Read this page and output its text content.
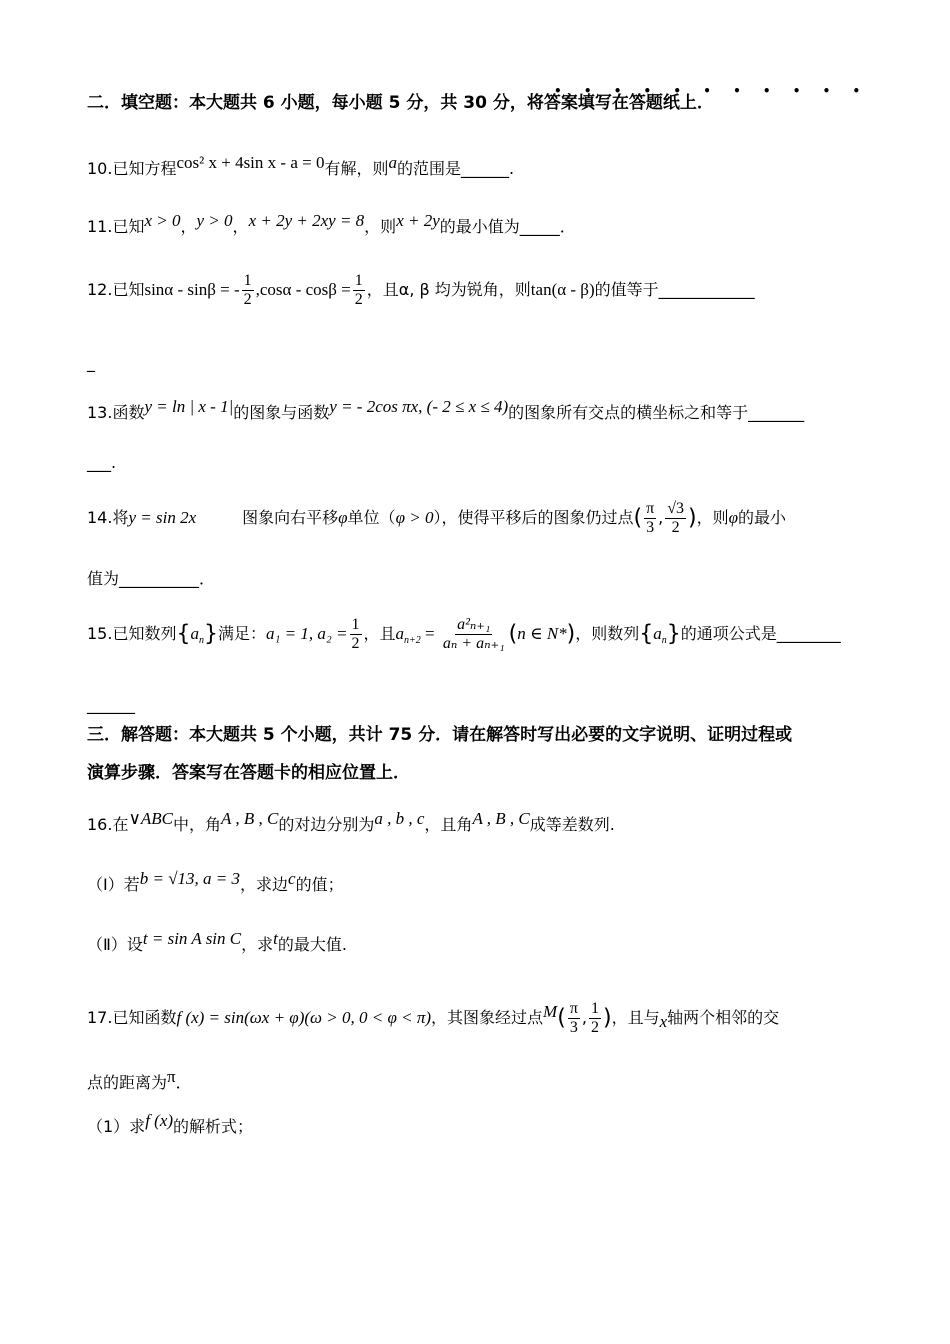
• • • • • • • • • • •
二．填空题：本大题共 6 小题，每小题 5 分，共 30 分，将答案填写在答题纸上．
10.已知方程cos² x + 4sin x - a = 0有解，则a的范围是______.
11.已知x > 0，y > 0，x + 2y + 2xy = 8，则x + 2y的最小值为_____．
12.已知sinα - sinβ = - $\frac{1}{2} ,\cos\alpha - \cos\beta = \frac{1}{2}$ ，且α, β 均为锐角，则tan(α - β)的值等于____________
_
13.函数y = ln | x - 1|的图象与函数y = - 2cos πx, (- 2 ≤ x ≤ 4)的图象所有交点的横坐标之和等于_______
___.
14.将y = sin 2x	图象向右平移φ单位（φ > 0），使得平移后的图象仍过点( $\frac{\pi}{3}$ , $\frac{√3}{2}$ )，则φ的最小
值为__________．
15.已知数列$\{a_n\}$满足：a₁ = 1, $a_2 = \frac{1}{2}$ ，且$a_{n+2} = \frac{\text{a²ₙ₊₁}}{\text{aₙ + aₙ₊₁}} (n$ ∈ N*)，则数列$\{a_n\}$的通项公式是________
______
三．解答题：本大题共 5 个小题，共计 75 分．请在解答时写出必要的文字说明、证明过程或
演算步骤．答案写在答题卡的相应位置上．
16.在∨ABC中，角A , B , C的对边分别为a , b , c，且角A , B , C成等差数列.
（I）若b = √13, a = 3，求边c的值；
（Ⅱ）设t = sin A sin C，求t的最大值.
17.已知函数f (x) = sin(ωx + φ)(ω > 0, 0 < φ < π)，其图象经过点$M( \frac{\pi}{3}$ , $\frac{1}{2}$ )，且与x轴两个相邻的交
点的距离为π．
（1）求f (x)的解析式；
